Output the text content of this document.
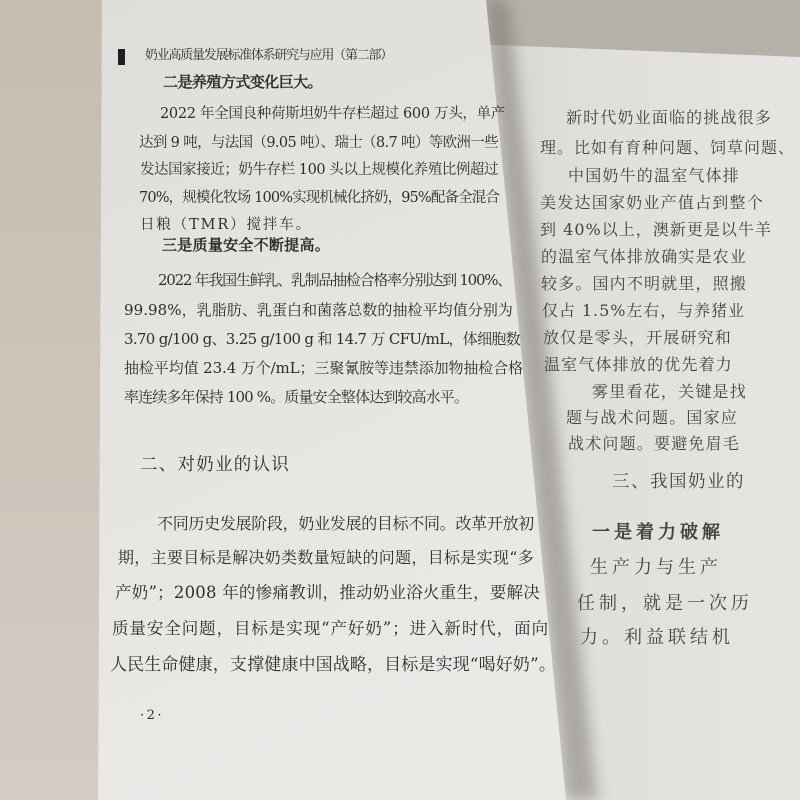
奶业高质量发展标准体系研究与应用（第二部）
二是养殖方式变化巨大。
2022 年全国良种荷斯坦奶牛存栏超过 600 万头，单产
达到 9 吨，与法国（9.05 吨）、瑞士（8.7 吨）等欧洲一些
发达国家接近；奶牛存栏 100 头以上规模化养殖比例超过
70%，规模化牧场 100%实现机械化挤奶，95%配备全混合
日粮（TMR）搅拌车。
三是质量安全不断提高。
2022 年我国生鲜乳、乳制品抽检合格率分别达到 100%、
99.98%，乳脂肪、乳蛋白和菌落总数的抽检平均值分别为
3.70 g/100 g、3.25 g/100 g 和 14.7 万 CFU/mL，体细胞数
抽检平均值 23.4 万个/mL；三聚氰胺等违禁添加物抽检合格
率连续多年保持 100 %。质量安全整体达到较高水平。
二、对奶业的认识
不同历史发展阶段，奶业发展的目标不同。改革开放初
期，主要目标是解决奶类数量短缺的问题，目标是实现“多
产奶”；2008 年的惨痛教训，推动奶业浴火重生，要解决
质量安全问题，目标是实现“产好奶”；进入新时代，面向
人民生命健康，支撑健康中国战略，目标是实现“喝好奶”。
·2·
新时代奶业面临的挑战很多
理。比如有育种问题、饲草问题、
中国奶牛的温室气体排
美发达国家奶业产值占到整个
到 40%以上，澳新更是以牛羊
的温室气体排放确实是农业
较多。国内不明就里，照搬
仅占 1.5%左右，与养猪业
放仅是零头，开展研究和
温室气体排放的优先着力
雾里看花，关键是找
题与战术问题。国家应
战术问题。要避免眉毛
三、我国奶业的
一是着力破解
生产力与生产
任制，就是一次历
力。利益联结机
